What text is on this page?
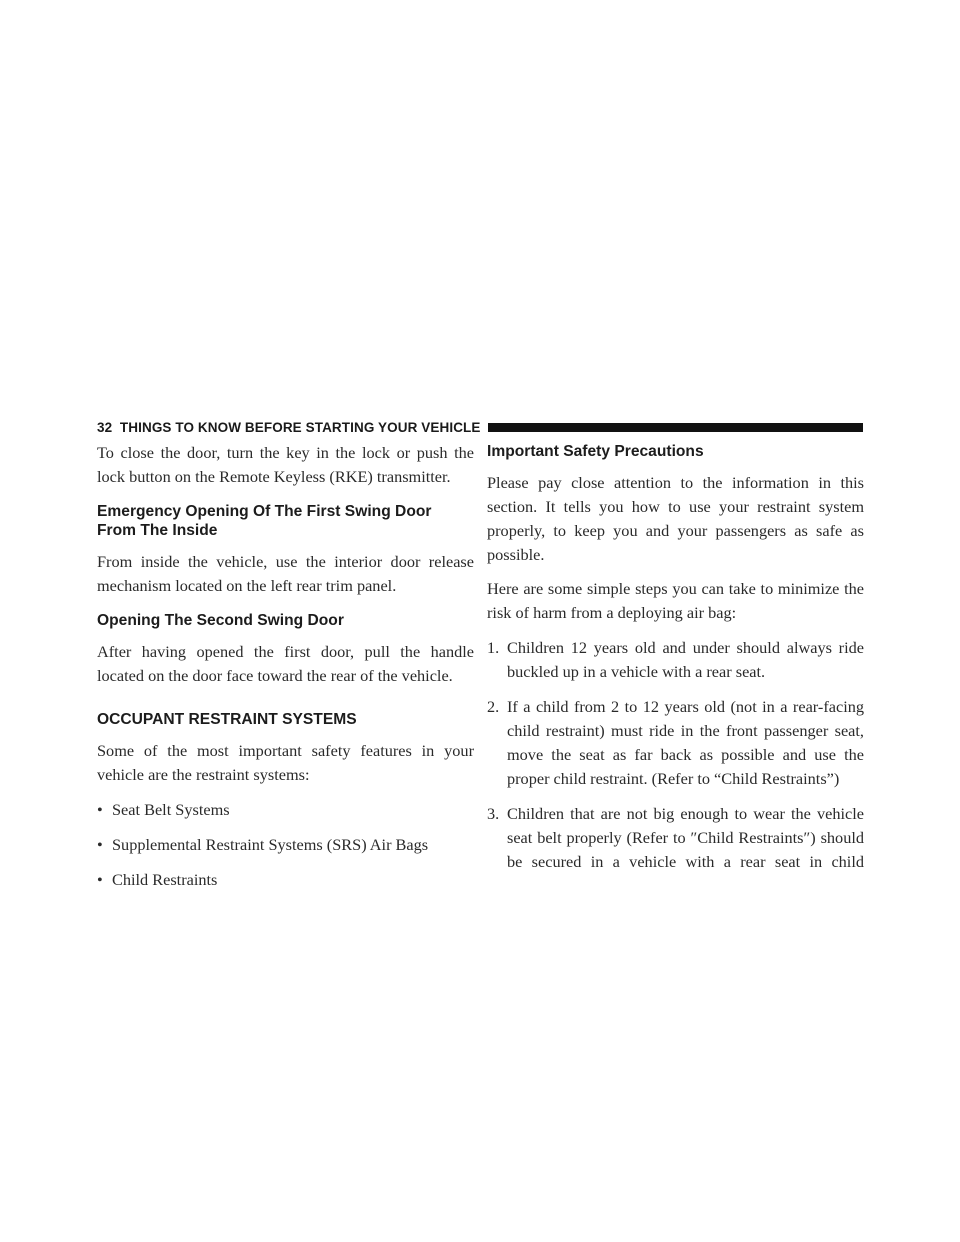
32 THINGS TO KNOW BEFORE STARTING YOUR VEHICLE

To close the door, turn the key in the lock or push the lock button on the Remote Keyless (RKE) transmitter.

Emergency Opening Of The First Swing Door From The Inside

From inside the vehicle, use the interior door release mechanism located on the left rear trim panel.

Opening The Second Swing Door

After having opened the first door, pull the handle located on the door face toward the rear of the vehicle.

OCCUPANT RESTRAINT SYSTEMS

Some of the most important safety features in your vehicle are the restraint systems:

• Seat Belt Systems
• Supplemental Restraint Systems (SRS) Air Bags
• Child Restraints
Important Safety Precautions

Please pay close attention to the information in this section. It tells you how to use your restraint system properly, to keep you and your passengers as safe as possible.

Here are some simple steps you can take to minimize the risk of harm from a deploying air bag:

1. Children 12 years old and under should always ride
buckled up in a vehicle with a rear seat.
2. If a child from 2 to 12 years old (not in a rear-facing
child restraint) must ride in the front passenger seat, move the seat as far back as possible and use the proper child restraint. (Refer to “Child Restraints”)
3. Children that are not big enough to wear the vehicle
seat belt properly (Refer to ″Child Restraints″) should be secured in a vehicle with a rear seat in child
